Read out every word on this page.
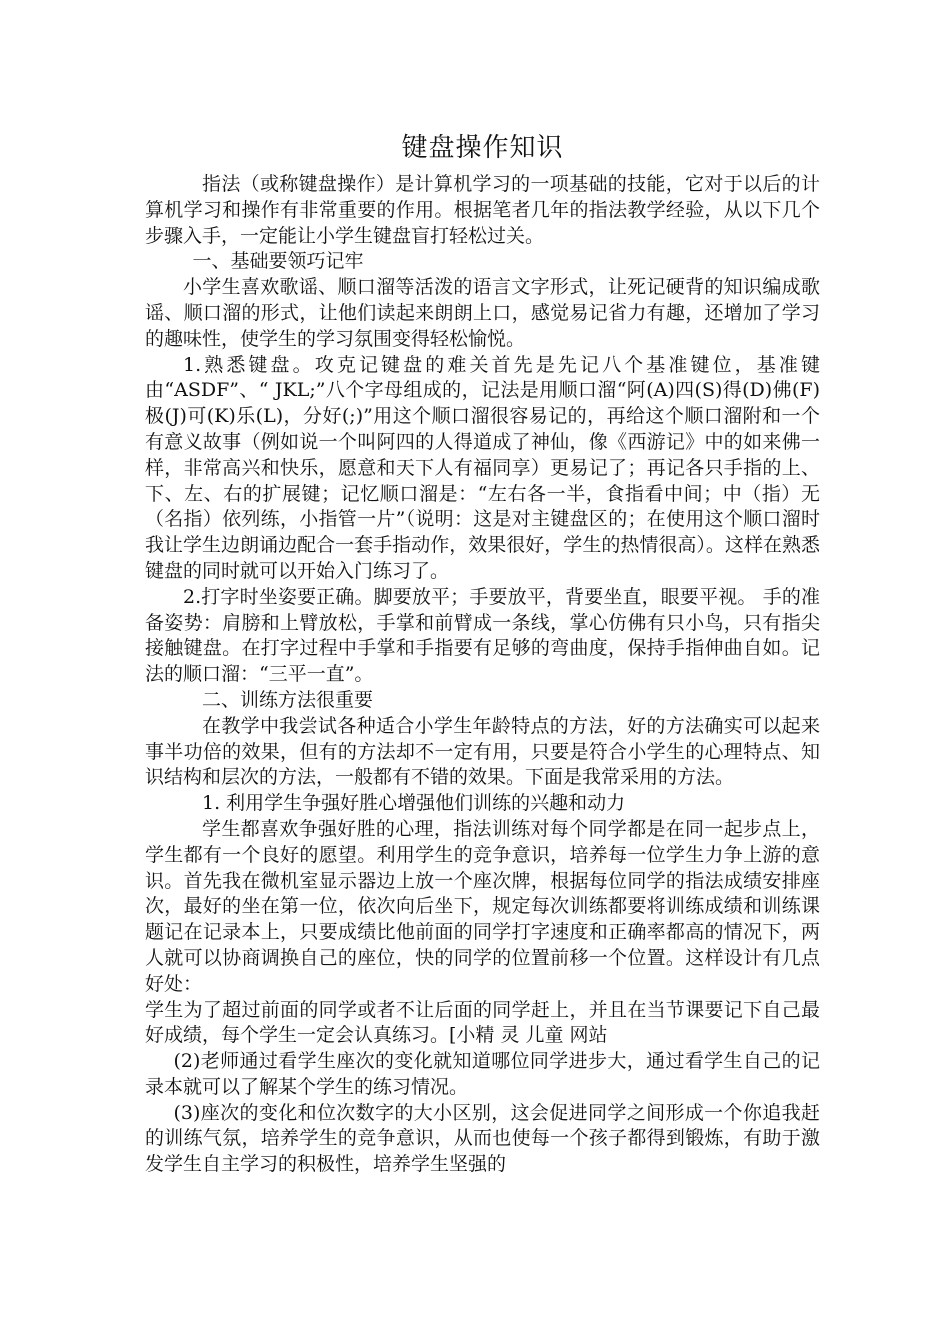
键盘操作知识

指法（或称键盘操作）是计算机学习的一项基础的技能，它对于以后的计算机学习和操作有非常重要的作用。根据笔者几年的指法教学经验，从以下几个步骤入手，一定能让小学生键盘盲打轻松过关。

一、基础要领巧记牢

小学生喜欢歌谣、顺口溜等活泼的语言文字形式，让死记硬背的知识编成歌谣、顺口溜的形式，让他们读起来朗朗上口，感觉易记省力有趣，还增加了学习的趣味性，使学生的学习氛围变得轻松愉悦。

1.熟悉键盘。攻克记键盘的难关首先是先记八个基准键位，基准键由“ASDF”、“ JKL;”八个字母组成的，记法是用顺口溜“阿(A)四(S)得(D)佛(F)极(J)可(K)乐(L)，分好(;)”用这个顺口溜很容易记的，再给这个顺口溜附和一个有意义故事（例如说一个叫阿四的人得道成了神仙，像《西游记》中的如来佛一样，非常高兴和快乐，愿意和天下人有福同享）更易记了；再记各只手指的上、下、左、右的扩展键；记忆顺口溜是：“左右各一半，食指看中间；中（指）无（名指）依列练，小指管一片”（说明：这是对主键盘区的；在使用这个顺口溜时我让学生边朗诵边配合一套手指动作，效果很好，学生的热情很高）。这样在熟悉键盘的同时就可以开始入门练习了。

2.打字时坐姿要正确。脚要放平；手要放平，背要坐直，眼要平视。 手的准备姿势：肩膀和上臂放松，手掌和前臂成一条线，掌心仿佛有只小鸟，只有指尖接触键盘。在打字过程中手掌和手指要有足够的弯曲度，保持手指伸曲自如。记法的顺口溜：“三平一直”。

二、训练方法很重要

在教学中我尝试各种适合小学生年龄特点的方法，好的方法确实可以起来事半功倍的效果，但有的方法却不一定有用，只要是符合小学生的心理特点、知识结构和层次的方法，一般都有不错的效果。下面是我常采用的方法。

1. 利用学生争强好胜心增强他们训练的兴趣和动力

学生都喜欢争强好胜的心理，指法训练对每个同学都是在同一起步点上，学生都有一个良好的愿望。利用学生的竞争意识，培养每一位学生力争上游的意识。首先我在微机室显示器边上放一个座次牌，根据每位同学的指法成绩安排座次，最好的坐在第一位，依次向后坐下，规定每次训练都要将训练成绩和训练课题记在记录本上，只要成绩比他前面的同学打字速度和正确率都高的情况下，两人就可以协商调换自己的座位，快的同学的位置前移一个位置。这样设计有几点好处：

学生为了超过前面的同学或者不让后面的同学赶上，并且在当节课要记下自己最好成绩，每个学生一定会认真练习。[小精 灵 儿童 网站

(2)老师通过看学生座次的变化就知道哪位同学进步大，通过看学生自己的记录本就可以了解某个学生的练习情况。

(3)座次的变化和位次数字的大小区别，这会促进同学之间形成一个你追我赶的训练气氛，培养学生的竞争意识，从而也使每一个孩子都得到锻炼，有助于激发学生自主学习的积极性，培养学生坚强的
